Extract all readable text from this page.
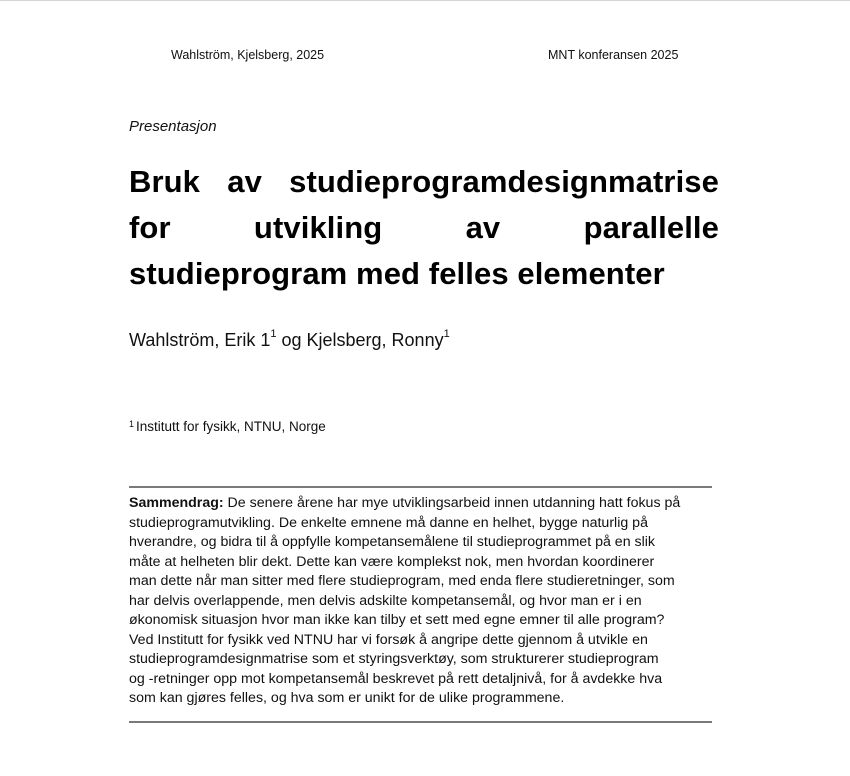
Wahlström, Kjelsberg, 2025	MNT konferansen 2025
Presentasjon
Bruk av studieprogramdesignmatrise
for utvikling av parallelle
studieprogram med felles elementer
Wahlström, Erik $1^1$ og Kjelsberg, Ronny$^1$
$^1$ Institutt for fysikk, NTNU, Norge
Sammendrag: De senere årene har mye utviklingsarbeid innen utdanning hatt fokus på
studieprogramutvikling. De enkelte emnene må danne en helhet, bygge naturlig på
hverandre, og bidra til å oppfylle kompetansemålene til studieprogrammet på en slik
måte at helheten blir dekt. Dette kan være komplekst nok, men hvordan koordinerer
man dette når man sitter med flere studieprogram, med enda flere studieretninger, som
har delvis overlappende, men delvis adskilte kompetansemål, og hvor man er i en
økonomisk situasjon hvor man ikke kan tilby et sett med egne emner til alle program?
Ved Institutt for fysikk ved NTNU har vi forsøk å angripe dette gjennom å utvikle en
studieprogramdesignmatrise som et styringsverktøy, som strukturerer studieprogram
og -retninger opp mot kompetansemål beskrevet på rett detaljnivå, for å avdekke hva
som kan gjøres felles, og hva som er unikt for de ulike programmene.
